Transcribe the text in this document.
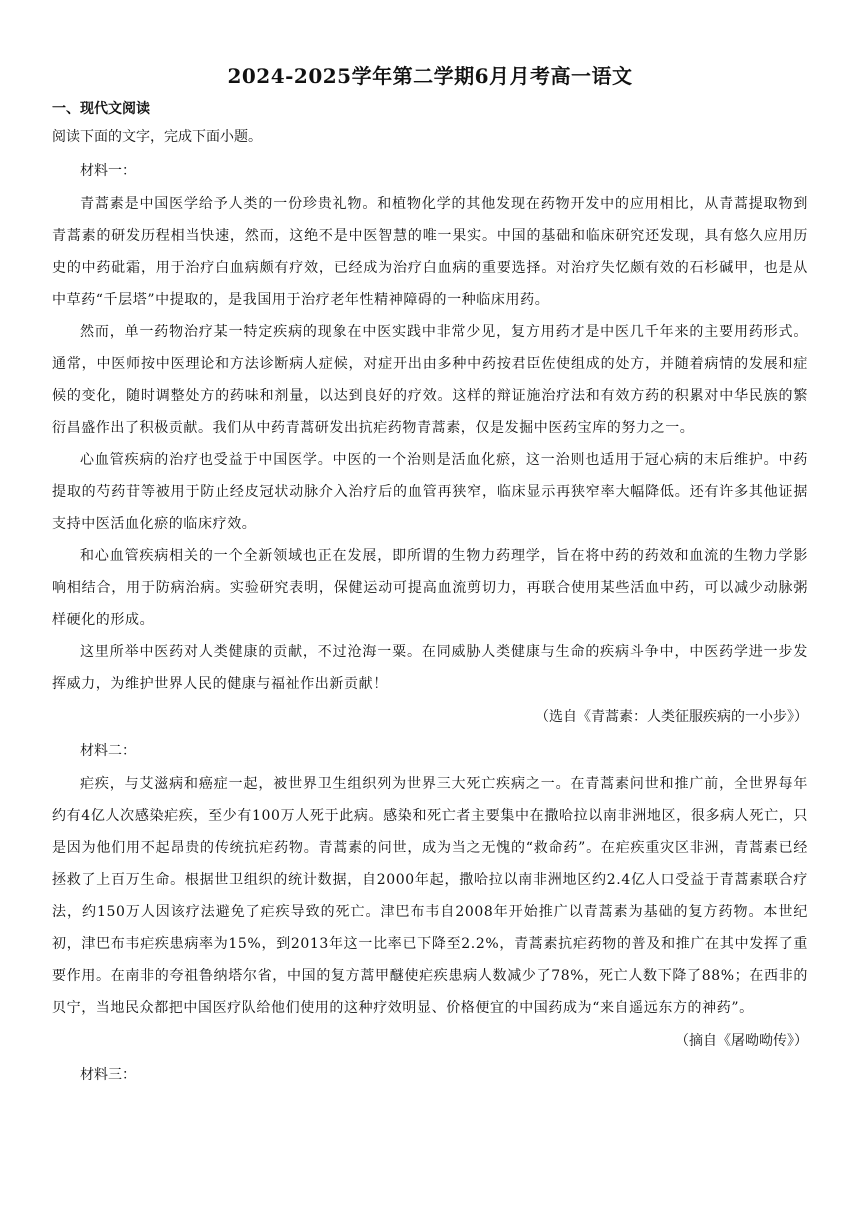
2024-2025学年第二学期6月月考高一语文
一、现代文阅读
阅读下面的文字，完成下面小题。
材料一：

青蒿素是中国医学给予人类的一份珍贵礼物。和植物化学的其他发现在药物开发中的应用相比，从青蒿提取物到青蒿素的研发历程相当快速，然而，这绝不是中医智慧的唯一果实。中国的基础和临床研究还发现，具有悠久应用历史的中药砒霜，用于治疗白血病颇有疗效，已经成为治疗白血病的重要选择。对治疗失忆颇有效的石杉碱甲，也是从中草药“千层塔”中提取的，是我国用于治疗老年性精神障碍的一种临床用药。

然而，单一药物治疗某一特定疾病的现象在中医实践中非常少见，复方用药才是中医几千年来的主要用药形式。通常，中医师按中医理论和方法诊断病人症候，对症开出由多种中药按君臣佐使组成的处方，并随着病情的发展和症候的变化，随时调整处方的药味和剂量，以达到良好的疗效。这样的辩证施治疗法和有效方药的积累对中华民族的繁衍昌盛作出了积极贡献。我们从中药青蒿研发出抗疟药物青蒿素，仅是发掘中医药宝库的努力之一。

心血管疾病的治疗也受益于中国医学。中医的一个治则是活血化瘀，这一治则也适用于冠心病的末后维护。中药提取的芍药苷等被用于防止经皮冠状动脉介入治疗后的血管再狭窄，临床显示再狭窄率大幅降低。还有许多其他证据支持中医活血化瘀的临床疗效。

和心血管疾病相关的一个全新领域也正在发展，即所谓的生物力药理学，旨在将中药的药效和血流的生物力学影响相结合，用于防病治病。实验研究表明，保健运动可提高血流剪切力，再联合使用某些活血中药，可以减少动脉粥样硬化的形成。

这里所举中医药对人类健康的贡献，不过沧海一粟。在同威胁人类健康与生命的疾病斗争中，中医药学进一步发挥威力，为维护世界人民的健康与福祉作出新贡献！

（选自《青蒿素：人类征服疾病的一小步》）
材料二：

疟疾，与艾滋病和癌症一起，被世界卫生组织列为世界三大死亡疾病之一。在青蒿素问世和推广前，全世界每年约有4亿人次感染疟疾，至少有100万人死于此病。感染和死亡者主要集中在撒哈拉以南非洲地区，很多病人死亡，只是因为他们用不起昂贵的传统抗疟药物。青蒿素的问世，成为当之无愧的“救命药”。在疟疾重灾区非洲，青蒿素已经拯救了上百万生命。根据世卫组织的统计数据，自2000年起，撒哈拉以南非洲地区约2.4亿人口受益于青蒿素联合疗法，约150万人因该疗法避免了疟疾导致的死亡。津巴布韦自2008年开始推广以青蒿素为基础的复方药物。本世纪初，津巴布韦疟疾患病率为15%，到2013年这一比率已下降至2.2%，青蒿素抗疟药物的普及和推广在其中发挥了重要作用。在南非的夸祖鲁纳塔尔省，中国的复方蒿甲醚使疟疾患病人数减少了78%，死亡人数下降了88%；在西非的贝宁，当地民众都把中国医疗队给他们使用的这种疗效明显、价格便宜的中国药成为“来自遥远东方的神药”。

（摘自《屠呦呦传》）
材料三：
